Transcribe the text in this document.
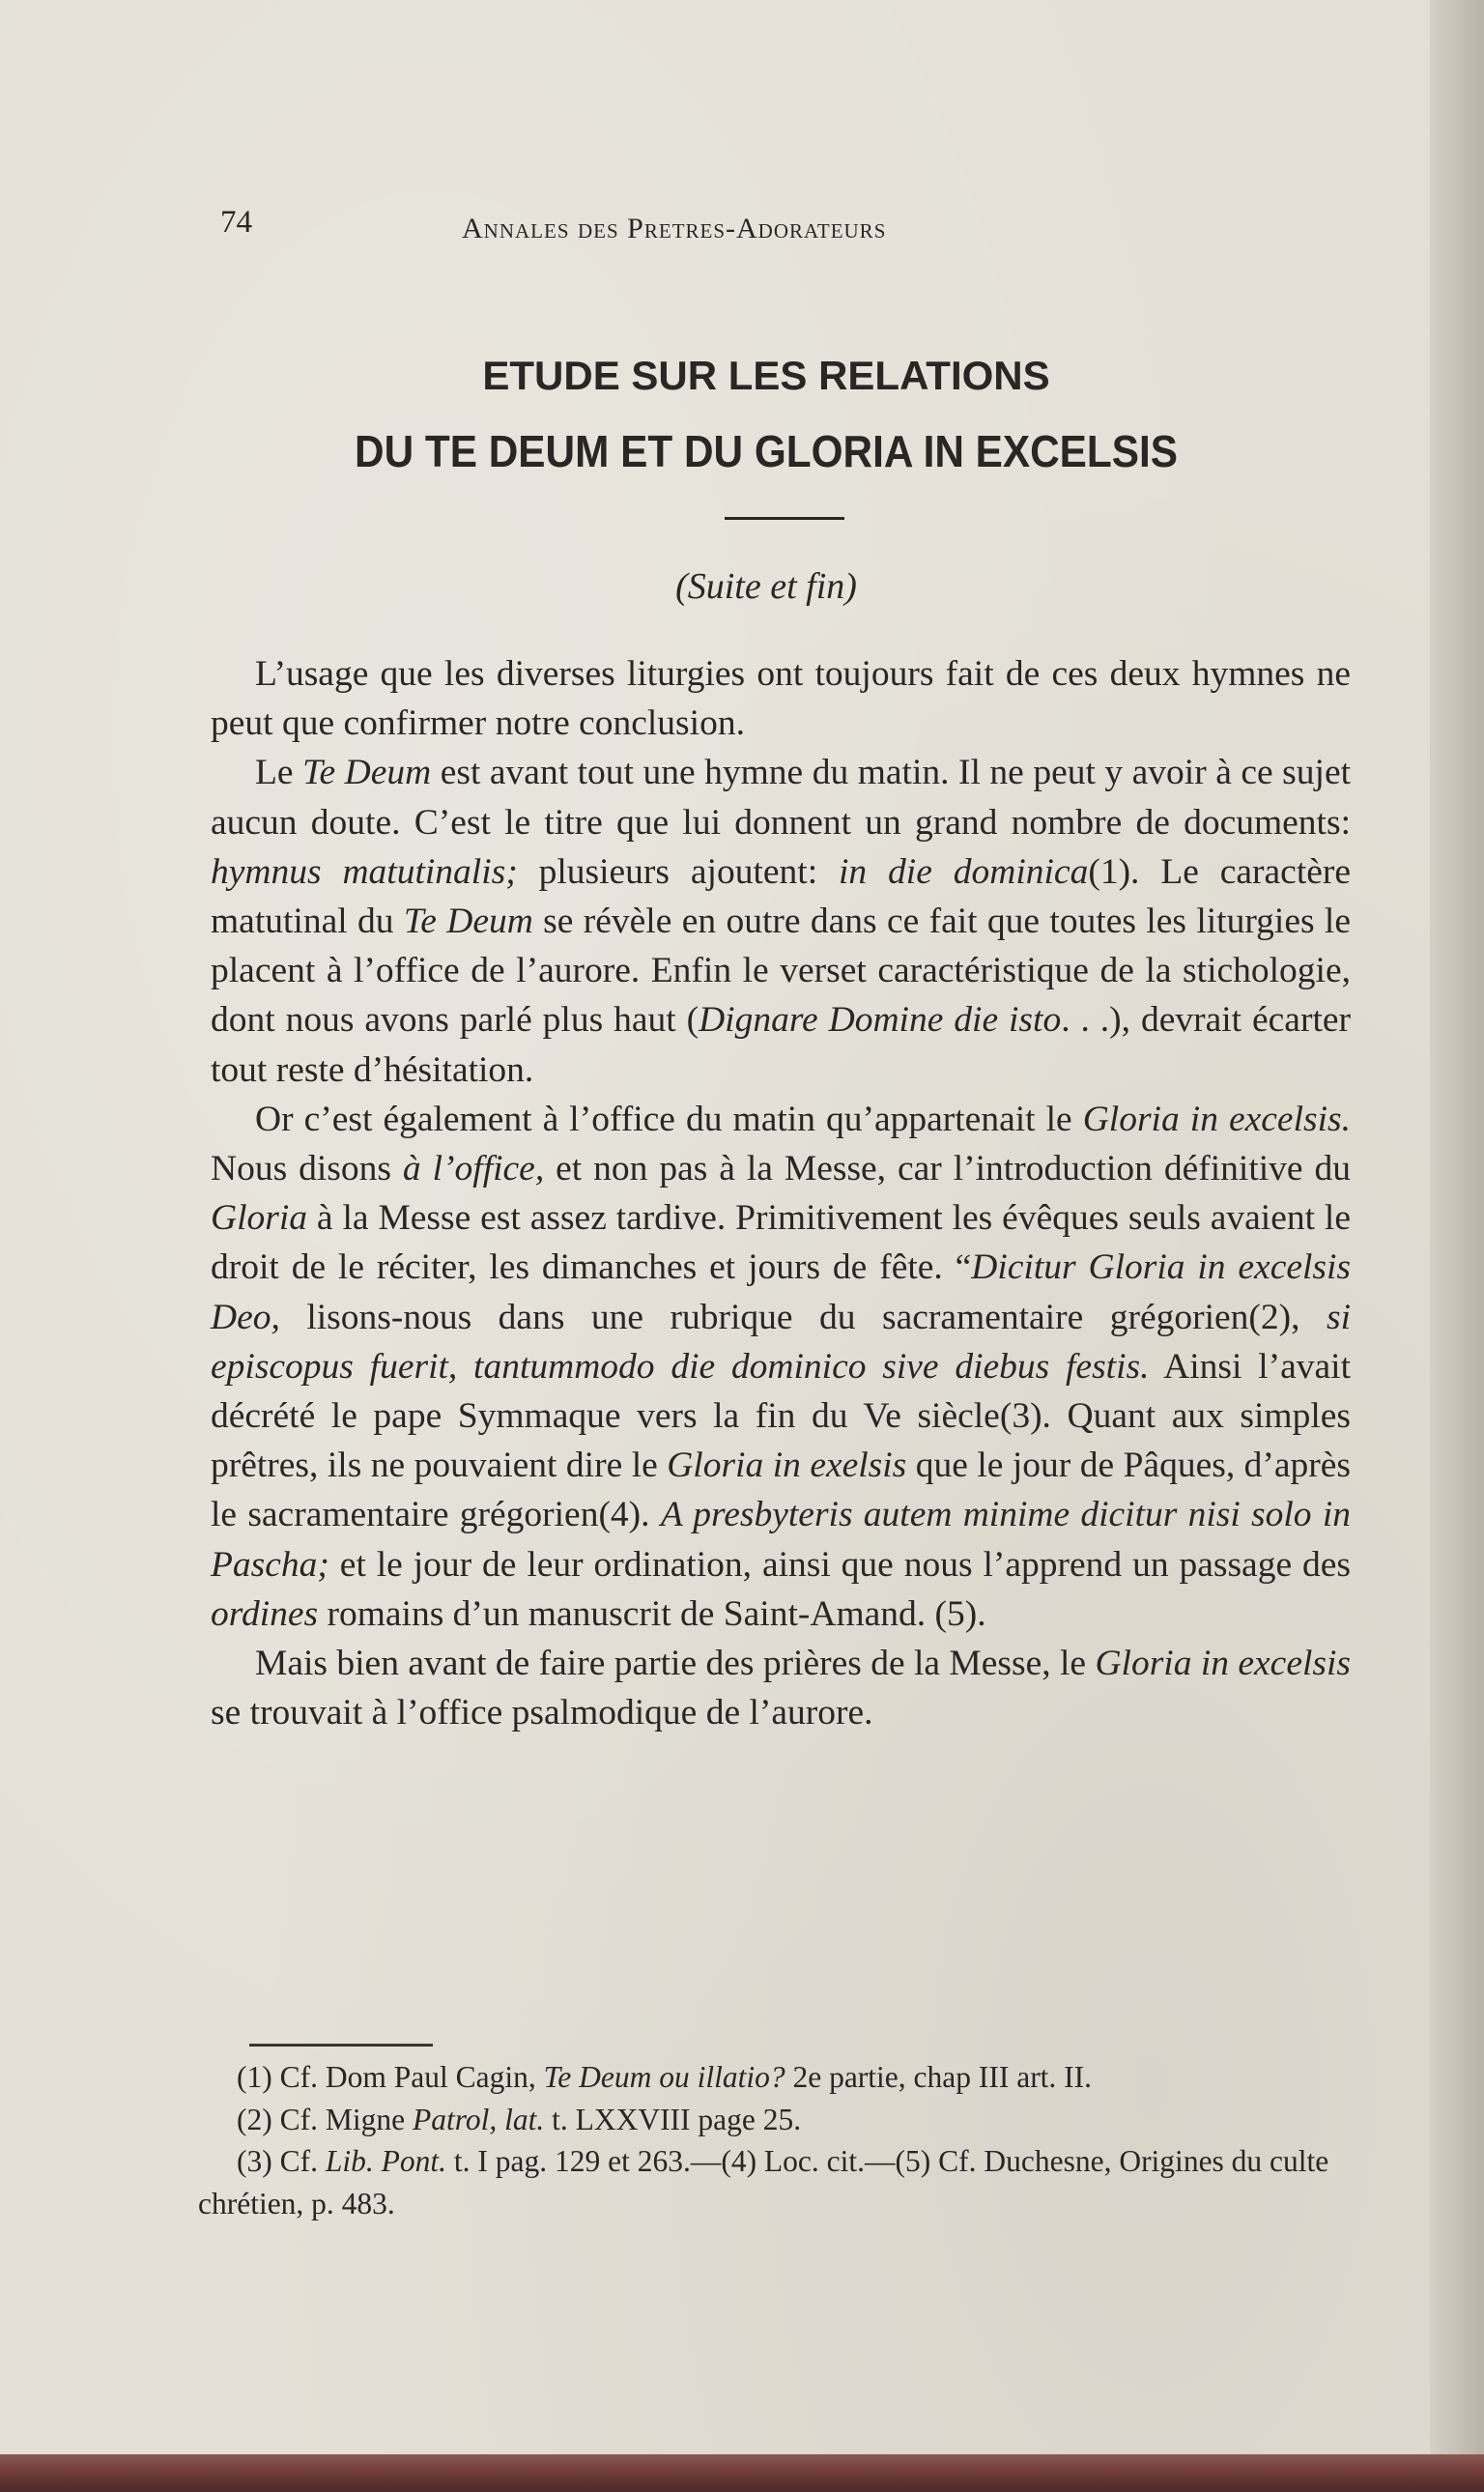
74	Annales des Pretres-Adorateurs
ETUDE SUR LES RELATIONS
DU TE DEUM ET DU GLORIA IN EXCELSIS
(Suite et fin)

L’usage que les diverses liturgies ont toujours fait de ces deux hymnes ne peut que confirmer notre conclusion.

Le Te Deum est avant tout une hymne du matin. Il ne peut y avoir à ce sujet aucun doute. C’est le titre que lui donnent un grand nombre de documents: hymnus matutinalis; plusieurs ajoutent: in die dominica(1). Le caractère matutinal du Te Deum se révèle en outre dans ce fait que toutes les liturgies le placent à l’office de l’aurore. Enfin le verset caractéristique de la stichologie, dont nous avons parlé plus haut (Dignare Domine die isto. . .), devrait écarter tout reste d’hésitation.

Or c’est également à l’office du matin qu’appartenait le Gloria in excelsis. Nous disons à l’office, et non pas à la Messe, car l’introduction définitive du Gloria à la Messe est assez tardive. Primitivement les évêques seuls avaient le droit de le réciter, les dimanches et jours de fête. “Dicitur Gloria in excelsis Deo, lisons-nous dans une rubrique du sacramentaire grégorien(2), si episcopus fuerit, tantummodo die dominico sive diebus festis. Ainsi l’avait décrété le pape Symmaque vers la fin du Ve siècle(3). Quant aux simples prêtres, ils ne pouvaient dire le Gloria in exelsis que le jour de Pâques, d’après le sacramentaire grégorien(4). A presbyteris autem minime dicitur nisi solo in Pascha; et le jour de leur ordination, ainsi que nous l’apprend un passage des ordines romains d’un manuscrit de Saint-Amand. (5).

Mais bien avant de faire partie des prières de la Messe, le Gloria in excelsis se trouvait à l’office psalmodique de l’aurore.

(1) Cf. Dom Paul Cagin, Te Deum ou illatio? 2e partie, chap III art. II.

(2) Cf. Migne Patrol, lat. t. LXXVIII page 25.

(3) Cf. Lib. Pont. t. I pag. 129 et 263.—(4) Loc. cit.—(5) Cf. Duchesne, Origines du culte chrétien, p. 483.
